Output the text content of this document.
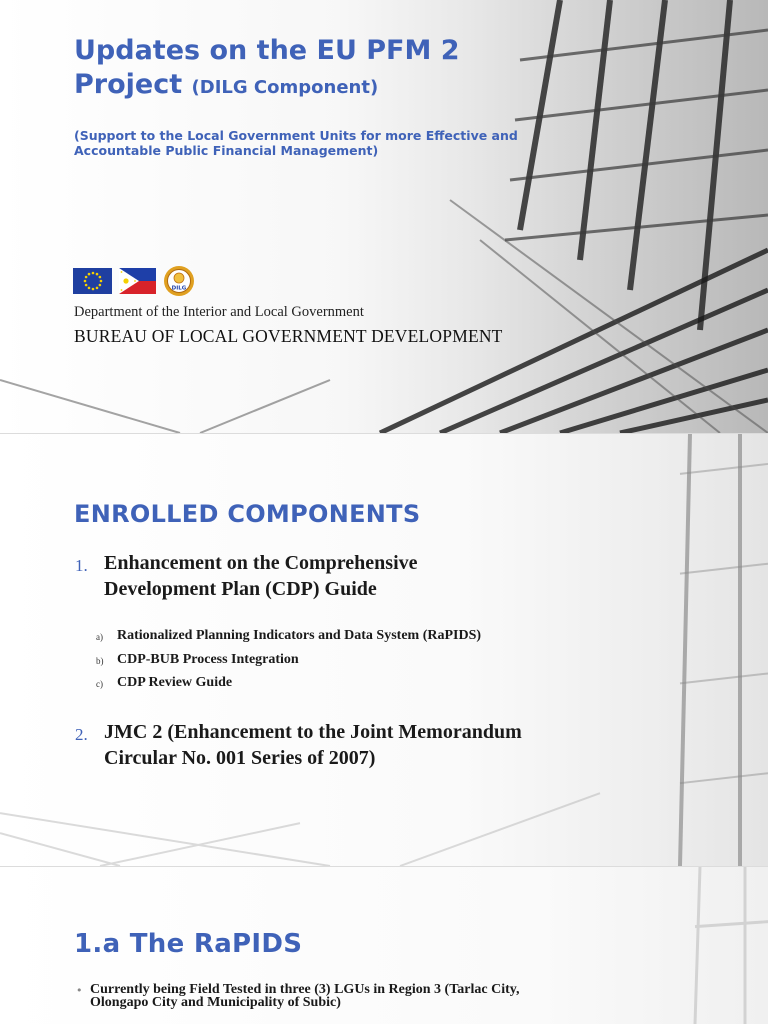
Updates on the EU PFM 2
Project (DILG Component)

(Support to the Local Government Units for more Effective and Accountable Public Financial Management)

DILG
Department of the Interior and Local Government
BUREAU OF LOCAL GOVERNMENT DEVELOPMENT
ENROLLED COMPONENTS
1. Enhancement on the Comprehensive
Development Plan (CDP) Guide
a) Rationalized Planning Indicators and Data System (RaPIDS)
b) CDP-BUB Process Integration
c) CDP Review Guide
2. JMC 2 (Enhancement to the Joint Memorandum
Circular No. 001 Series of 2007)
1.a The RaPIDS
• Currently being Field Tested in three (3) LGUs in Region 3 (Tarlac City,
Olongapo City and Municipality of Subic)
